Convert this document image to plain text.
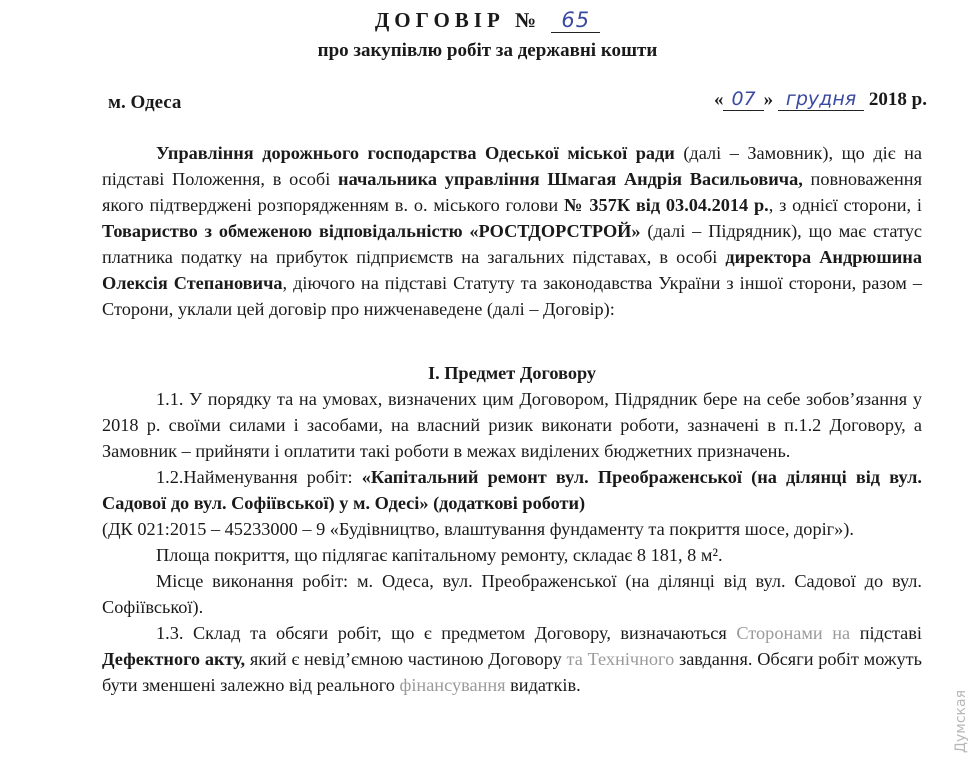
ДОГОВІР № 65
про закупівлю робіт за державні кошти
м. Одеса	« 07 » грудня 2018 р.

Управління дорожнього господарства Одеської міської ради (далі – Замовник), що діє на підставі Положення, в особі начальника управління Шмагая Андрія Васильовича, повноваження якого підтверджені розпорядженням в. о. міського голови № 357К від 03.04.2014 р., з однієї сторони, і Товариство з обмеженою відповідальністю «РОСТДОРСТРОЙ» (далі – Підрядник), що має статус платника податку на прибуток підприємств на загальних підставах, в особі директора Андрюшина Олексія Степановича, діючого на підставі Статуту та законодавства України з іншої сторони, разом – Сторони, уклали цей договір про нижченаведене (далі – Договір):

І. Предмет Договору

1.1. У порядку та на умовах, визначених цим Договором, Підрядник бере на себе зобов’язання у 2018 р. своїми силами і засобами, на власний ризик виконати роботи, зазначені в п.1.2 Договору, а Замовник – прийняти і оплатити такі роботи в межах виділених бюджетних призначень.

1.2.Найменування робіт: «Капітальний ремонт вул. Преображенської (на ділянці від вул. Садової до вул. Софіївської) у м. Одесі» (додаткові роботи)

(ДК 021:2015 – 45233000 – 9 «Будівництво, влаштування фундаменту та покриття шосе, доріг»).

Площа покриття, що підлягає капітальному ремонту, складає 8 181, 8 м².

Місце виконання робіт: м. Одеса, вул. Преображенської (на ділянці від вул. Садової до вул. Софіївської).

1.3. Склад та обсяги робіт, що є предметом Договору, визначаються Сторонами на підставі Дефектного акту, який є невід’ємною частиною Договору та Технічного завдання. Обсяги робіт можуть бути зменшені залежно від реального фінансування видатків.

Думская
